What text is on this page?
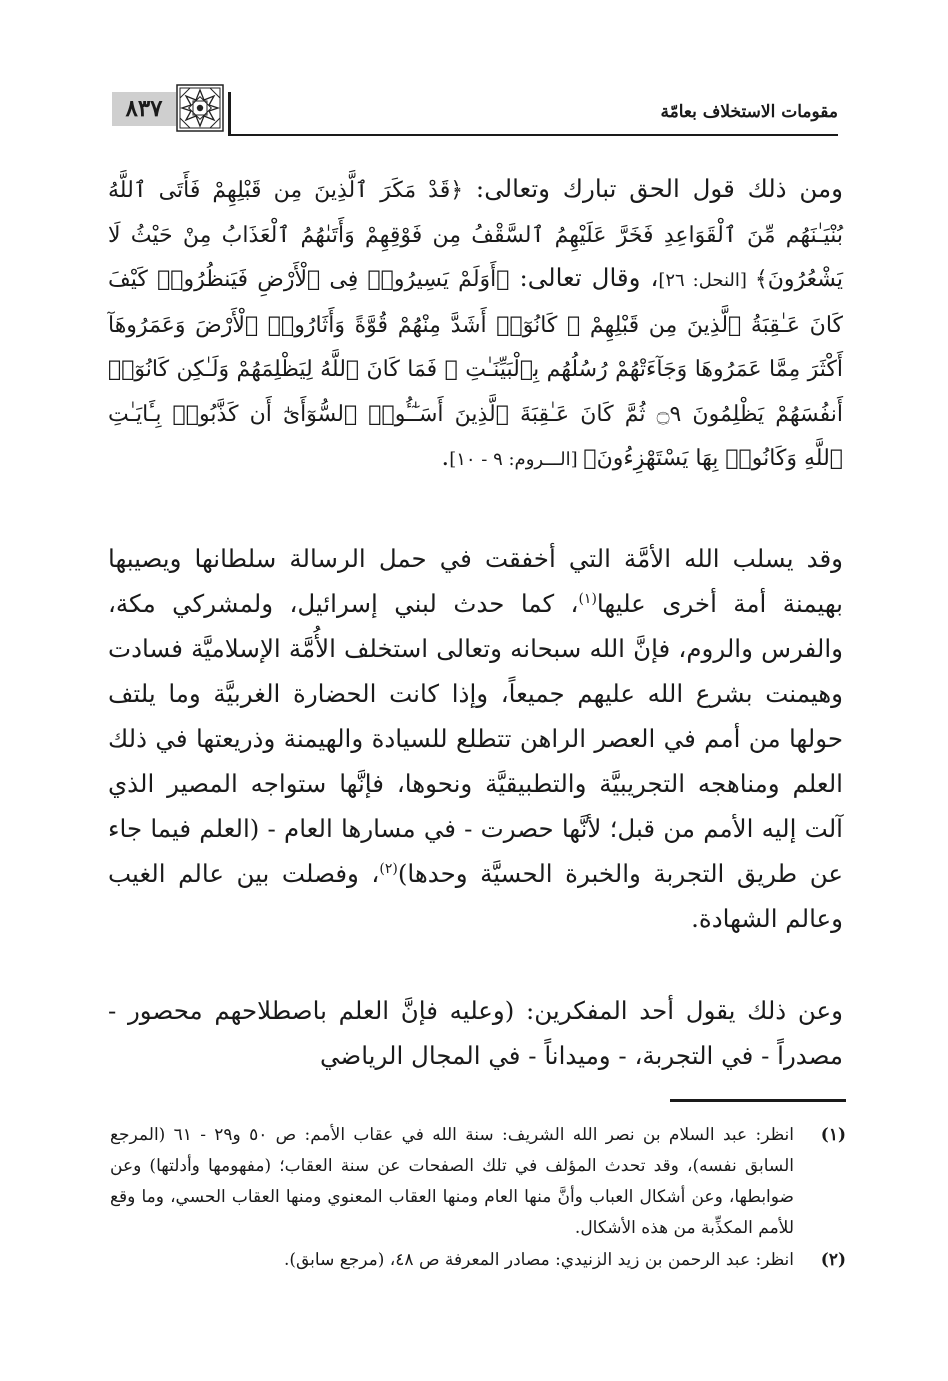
مقومات الاستخلاف بعامّة
٨٣٧

ومن ذلك قول الحق تبارك وتعالى: ﴿قَدْ مَكَرَ ٱلَّذِينَ مِن قَبْلِهِمْ فَأَتَى ٱللَّهُ بُنْيَـٰنَهُم مِّنَ ٱلْقَوَاعِدِ فَخَرَّ عَلَيْهِمُ ٱلسَّقْفُ مِن فَوْقِهِمْ وَأَتَىٰهُمُ ٱلْعَذَابُ مِنْ حَيْثُ لَا يَشْعُرُونَ﴾ [النحل: ٢٦]، وقال تعالى: ﴿أَوَلَمْ يَسِيرُوا۟ فِى ٱلْأَرْضِ فَيَنظُرُوا۟ كَيْفَ كَانَ عَـٰقِبَةُ ٱلَّذِينَ مِن قَبْلِهِمْ ۚ كَانُوٓا۟ أَشَدَّ مِنْهُمْ قُوَّةً وَأَثَارُوا۟ ٱلْأَرْضَ وَعَمَرُوهَآ أَكْثَرَ مِمَّا عَمَرُوهَا وَجَآءَتْهُمْ رُسُلُهُم بِٱلْبَيِّنَـٰتِ ۖ فَمَا كَانَ ٱللَّهُ لِيَظْلِمَهُمْ وَلَـٰكِن كَانُوٓا۟ أَنفُسَهُمْ يَظْلِمُونَ ۝٩ ثُمَّ كَانَ عَـٰقِبَةَ ٱلَّذِينَ أَسَـٰٓـُٔوا۟ ٱلسُّوٓأَىٰٓ أَن كَذَّبُوا۟ بِـَٔايَـٰتِ ٱللَّهِ وَكَانُوا۟ بِهَا يَسْتَهْزِءُونَ﴾ [الـــروم: ٩ - ١٠].

وقد يسلب الله الأمَّة التي أخفقت في حمل الرسالة سلطانها ويصيبها بهيمنة أمة أخرى عليها$^{(١)}$، كما حدث لبني إسرائيل، ولمشركي مكة، والفرس والروم، فإنَّ الله سبحانه وتعالى استخلف الأُمَّة الإسلاميَّة فسادت وهيمنت بشرع الله عليهم جميعاً، وإذا كانت الحضارة الغربيَّة وما يلتف حولها من أمم في العصر الراهن تتطلع للسيادة والهيمنة وذريعتها في ذلك العلم ومناهجه التجريبيَّة والتطبيقيَّة ونحوها، فإنَّها ستواجه المصير الذي آلت إليه الأمم من قبل؛ لأنَّها حصرت - في مسارها العام - (العلم فيما جاء عن طريق التجربة والخبرة الحسيَّة وحدها)$^{(٢)}$، وفصلت بين عالم الغيب وعالم الشهادة.

وعن ذلك يقول أحد المفكرين: (وعليه فإنَّ العلم باصطلاحهم محصور - مصدراً - في التجربة، - وميداناً - في المجال الرياضي

(١)
انظر: عبد السلام بن نصر الله الشريف: سنة الله في عقاب الأمم: ص ٥٠ و٢٩ - ٦١ (المرجع السابق نفسه)، وقد تحدث المؤلف في تلك الصفحات عن سنة العقاب؛ (مفهومها وأدلتها) وعن ضوابطها، وعن أشكال العباب وأنَّ منها العام ومنها العقاب المعنوي ومنها العقاب الحسي، وما وقع للأمم المكذِّبة من هذه الأشكال.
(٢)
انظر: عبد الرحمن بن زيد الزنيدي: مصادر المعرفة ص ٤٨، (مرجع سابق).
